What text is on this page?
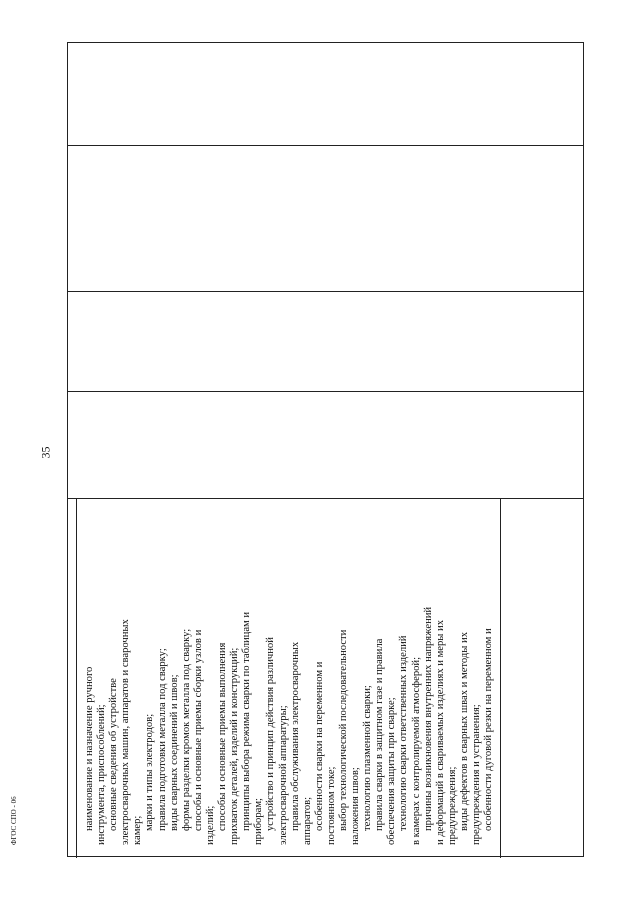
35
ФГОС СПО - 06	наименование и назначение ручного инструмента, приспособлений; основные сведения об устройстве электросварочных машин, аппаратов и сварочных камер; марки и типы электродов; правила подготовки металла под сварку; виды сварных соединений и швов; формы разделки кромок металла под сварку; способы и основные приемы сборки узлов и изделий; способы и основные приемы выполнения прихваток деталей, изделий и конструкций; принципы выбора режима сварки по таблицам и приборам; устройство и принцип действия различной электросварочной аппаратуры; правила обслуживания электросварочных аппаратов; особенности сварки на переменном и постоянном токе; выбор технологической последовательности наложения швов; технологию плазменной сварки; правила сварки в защитном газе и правила обеспечения защиты при сварке; технологию сварки ответственных изделий в камерах с контролируемой атмосферой; причины возникновения внутренних напряжений и деформаций в свариваемых изделиях и меры их предупреждения; виды дефектов в сварных швах и методы их предупреждения и устранения; особенности дуговой резки на переменном и
